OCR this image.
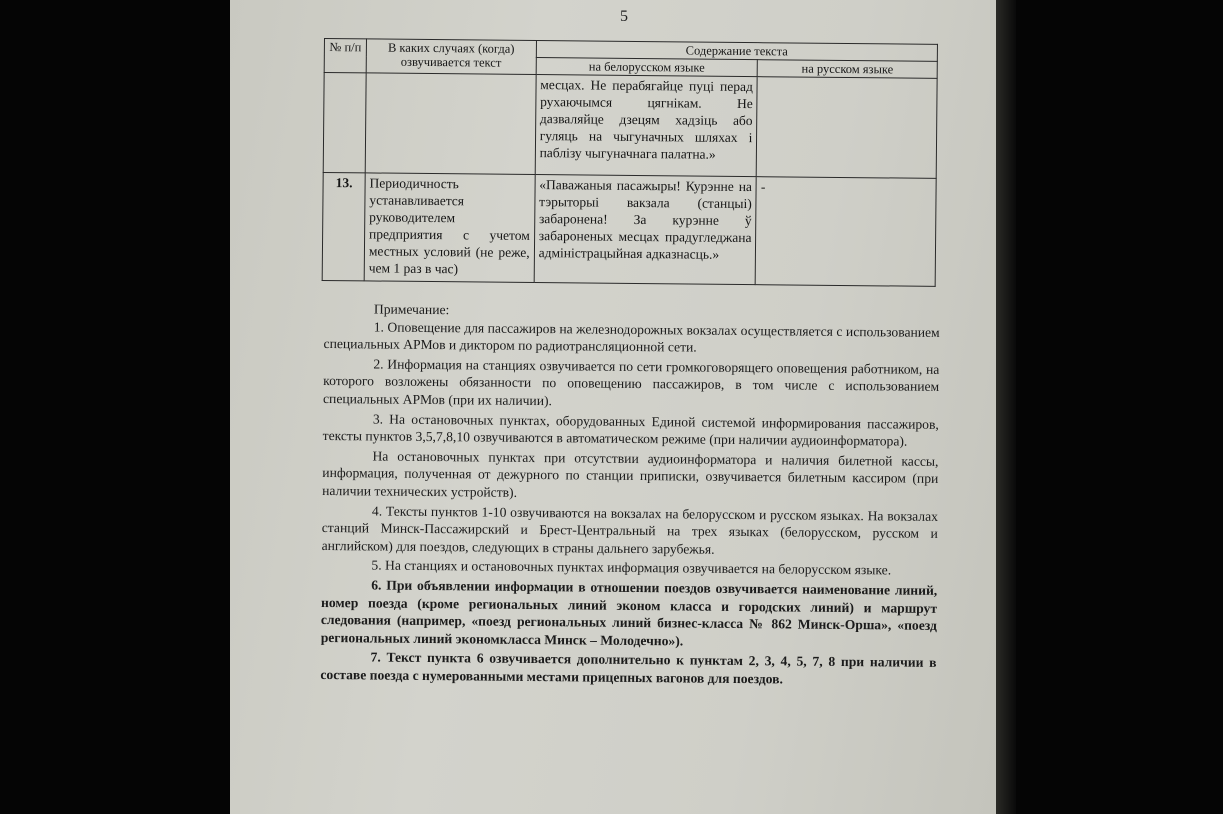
5
№ п/п	В каких случаях (когда) озвучивается текст	Содержание текста	
		на белорусском языке	на русском языке
		месцах. Не перабягайце пуці перад рухаючымся цягнікам. Не дазваляйце дзецям хадзіць або гуляць на чыгуначных шляхах і паблізу чыгуначнага палатна.»	
13.	Периодичность устанавливается руководителем предприятия с учетом местных условий (не реже, чем 1 раз в час)	«Паважаныя пасажыры! Курэнне на тэрыторыі вакзала (станцыі) забаронена! За курэнне ў забароненых месцах прадугледжана адміністрацыйная адказнасць.»	-

Примечание:

1. Оповещение для пассажиров на железнодорожных вокзалах осуществляется с использованием специальных АРМов и диктором по радиотрансляционной сети.

2. Информация на станциях озвучивается по сети громкоговорящего оповещения работником, на которого возложены обязанности по оповещению пассажиров, в том числе с использованием специальных АРМов (при их наличии).

3. На остановочных пунктах, оборудованных Единой системой информирования пассажиров, тексты пунктов 3,5,7,8,10 озвучиваются в автоматическом режиме (при наличии аудиоинформатора).

На остановочных пунктах при отсутствии аудиоинформатора и наличия билетной кассы, информация, полученная от дежурного по станции приписки, озвучивается билетным кассиром (при наличии технических устройств).

4. Тексты пунктов 1-10 озвучиваются на вокзалах на белорусском и русском языках. На вокзалах станций Минск-Пассажирский и Брест-Центральный на трех языках (белорусском, русском и английском) для поездов, следующих в страны дальнего зарубежья.

5. На станциях и остановочных пунктах информация озвучивается на белорусском языке.

6. При объявлении информации в отношении поездов озвучивается наименование линий, номер поезда (кроме региональных линий эконом класса и городских линий) и маршрут следования (например, «поезд региональных линий бизнес-класса № 862 Минск-Орша», «поезд региональных линий экономкласса Минск – Молодечно»).

7. Текст пункта 6 озвучивается дополнительно к пунктам 2, 3, 4, 5, 7, 8 при наличии в составе поезда с нумерованными местами прицепных вагонов для поездов.
